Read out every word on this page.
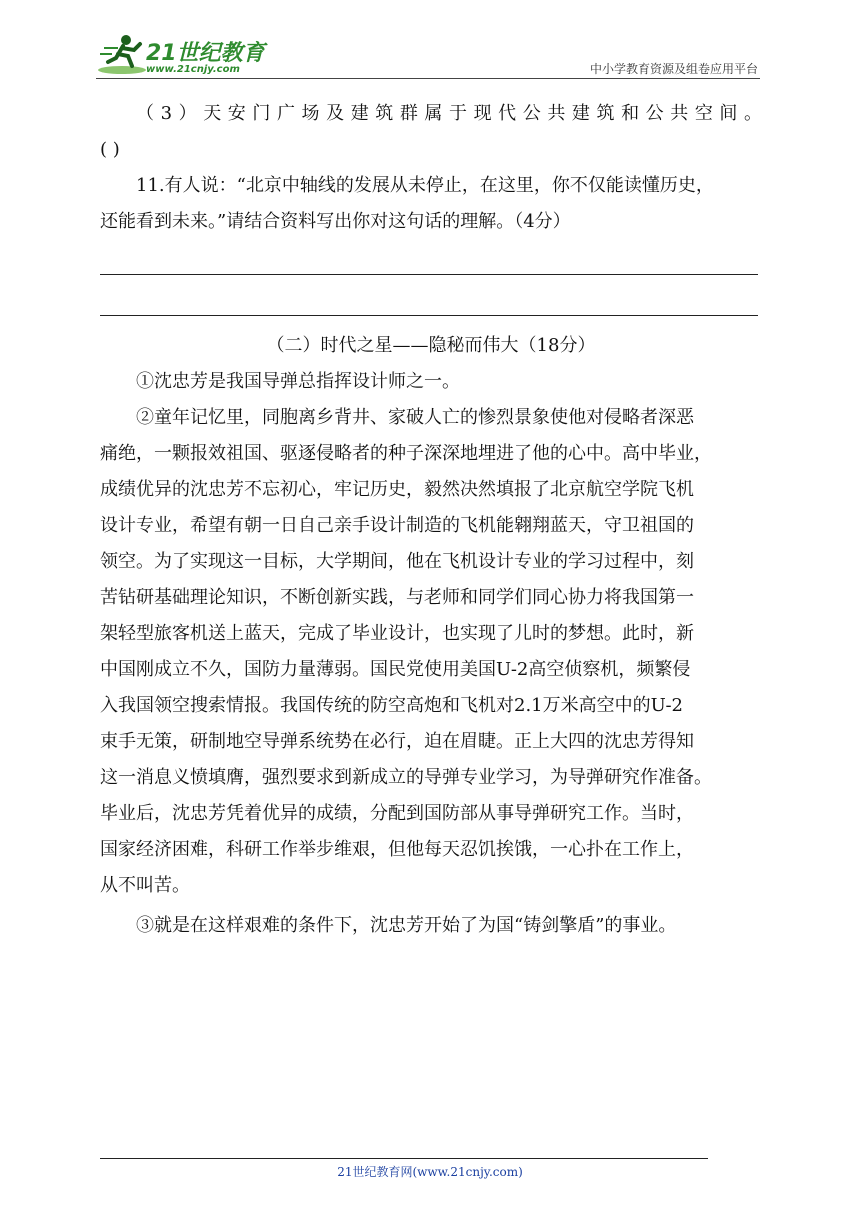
21世纪教育
www.21cnjy.com	中小学教育资源及组卷应用平台

（3）天安门广场及建筑群属于现代公共建筑和公共空间。

( )

11.有人说：“北京中轴线的发展从未停止，在这里，你不仅能读懂历史，

还能看到未来。”请结合资料写出你对这句话的理解。（4分）

（二）时代之星——隐秘而伟大（18分）

①沈忠芳是我国导弹总指挥设计师之一。

②童年记忆里，同胞离乡背井、家破人亡的惨烈景象使他对侵略者深恶

痛绝，一颗报效祖国、驱逐侵略者的种子深深地埋进了他的心中。高中毕业，

成绩优异的沈忠芳不忘初心，牢记历史，毅然决然填报了北京航空学院飞机

设计专业，希望有朝一日自己亲手设计制造的飞机能翱翔蓝天，守卫祖国的

领空。为了实现这一目标，大学期间，他在飞机设计专业的学习过程中，刻

苦钻研基础理论知识，不断创新实践，与老师和同学们同心协力将我国第一

架轻型旅客机送上蓝天，完成了毕业设计，也实现了儿时的梦想。此时，新

中国刚成立不久，国防力量薄弱。国民党使用美国U-2高空侦察机，频繁侵

入我国领空搜索情报。我国传统的防空高炮和飞机对2.1万米高空中的U-2

束手无策，研制地空导弹系统势在必行，迫在眉睫。正上大四的沈忠芳得知

这一消息义愤填膺，强烈要求到新成立的导弹专业学习，为导弹研究作准备。

毕业后，沈忠芳凭着优异的成绩，分配到国防部从事导弹研究工作。当时，

国家经济困难，科研工作举步维艰，但他每天忍饥挨饿，一心扑在工作上，

从不叫苦。

③就是在这样艰难的条件下，沈忠芳开始了为国“铸剑擎盾”的事业。

21世纪教育网(www.21cnjy.com)
